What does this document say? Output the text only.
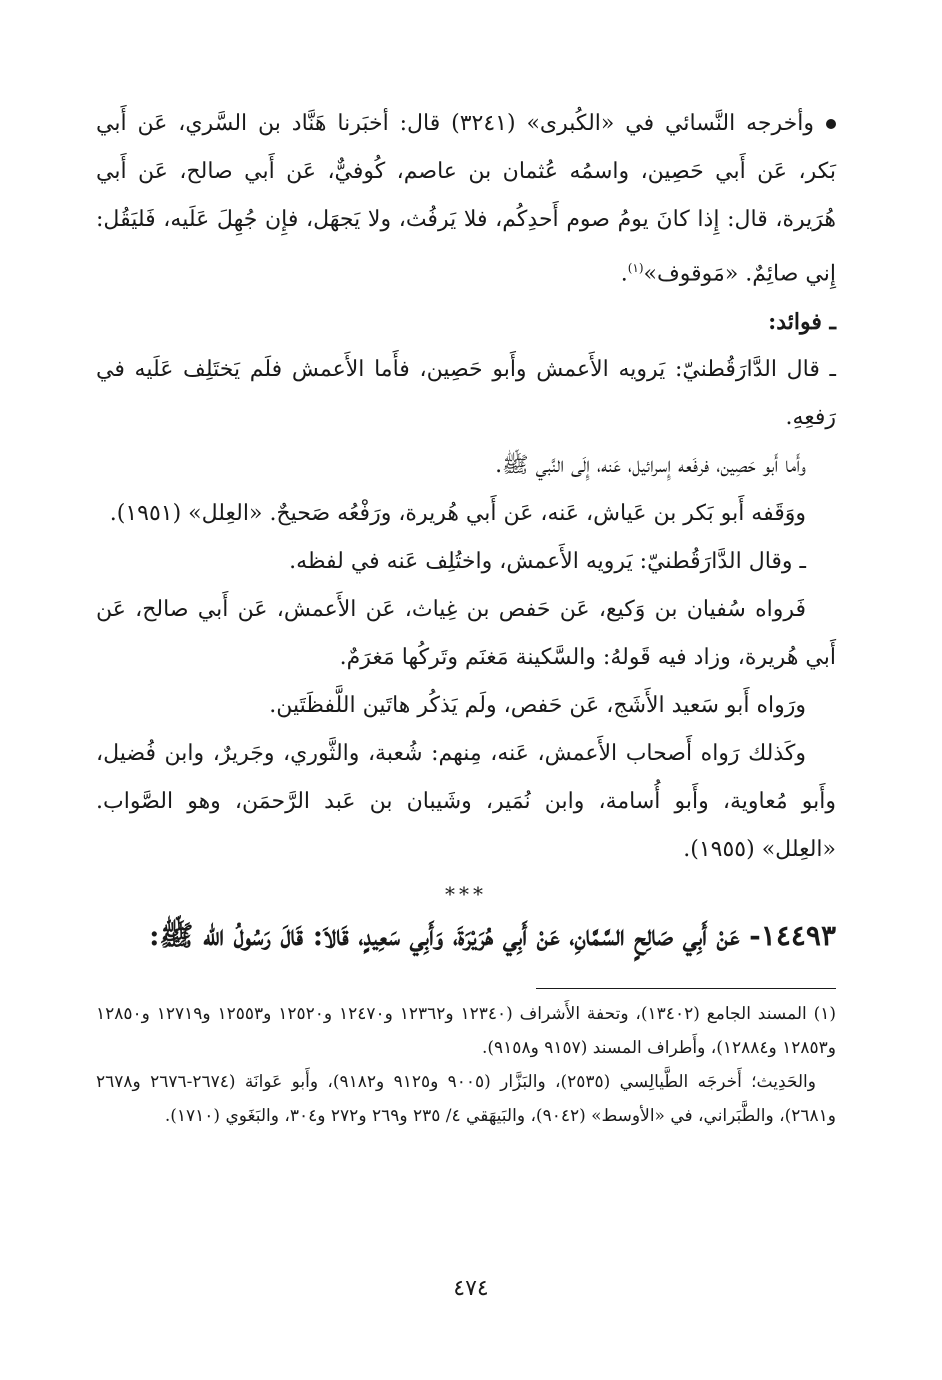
وأخرجه النَّسائي في «الكُبرى» (٣٢٤١) قال: أخبَرنا هَنَّاد بن السَّري، عَن أَبي بَكر، عَن أَبي حَصِين، واسمُه عُثمان بن عاصم، كُوفيٌّ، عَن أَبي صالح، عَن أَبي هُرَيرة، قال: إِذا كانَ يومُ صوم أَحدِكُم، فلا يَرفُث، ولا يَجهَل، فإِن جُهِلَ عَلَيه، فَليَقُل: إِني صائِمٌ. «مَوقوف»$^{(١)}$.

ـ فوائد:

ـ قال الدَّارَقُطنيّ: يَرويه الأَعمش وأَبو حَصِين، فأَما الأَعمش فلَم يَختَلِف عَلَيه في رَفعِهِ.

وأَما أَبو حَصِين، فرفَعه إِسرائيل، عَنه، إِلَى النَّبي ﷺ.

ووَقَفه أَبو بَكر بن عَياش، عَنه، عَن أَبي هُريرة، ورَفْعُه صَحيحٌ. «العِلل» (١٩٥١).

ـ وقال الدَّارَقُطنيّ: يَرويه الأَعمش، واختُلِف عَنه في لفظه.

فَرواه سُفيان بن وَكيع، عَن حَفص بن غِياث، عَن الأَعمش، عَن أَبي صالح، عَن أَبي هُريرة، وزاد فيه قَولهُ: والسَّكينة مَغنَم وتَركُها مَغرَمٌ.

ورَواه أَبو سَعيد الأَشَج، عَن حَفص، ولَم يَذكُر هاتَين اللَّفظَتَين.

وكَذلك رَواه أَصحاب الأَعمش، عَنه، مِنهم: شُعبة، والثَّوري، وجَريرٌ، وابن فُضيل، وأَبو مُعاوية، وأَبو أُسامة، وابن نُمَير، وشَيبان بن عَبد الرَّحمَن، وهو الصَّواب. «العِلل» (١٩٥٥).

***

١٤٤٩٣- عَنْ أَبِي صَالِحٍ السَّمَّانِ، عَنْ أَبِي هُرَيْرَةَ، وَأَبِي سَعِيدٍ، قَالاَ: قَالَ رَسُولُ الله ﷺ:

(١) المسند الجامع (١٣٤٠٢)، وتحفة الأَشراف (١٢٣٤٠ و١٢٣٦٢ و١٢٤٧٠ و١٢٥٢٠ و١٢٥٥٣ و١٢٧١٩ و١٢٨٥٠ و١٢٨٥٣ و١٢٨٨٤)، وأَطراف المسند (٩١٥٧ و٩١٥٨).

والحَدِيث؛ أَخرجَه الطَّيالِسي (٢٥٣٥)، والبَزَّار (٩٠٠٥ و٩١٢٥ و٩١٨٢)، وأَبو عَوانَة (٢٦٧٤-٢٦٧٦ و٢٦٧٨ و٢٦٨١)، والطَّبَراني، في «الأوسط» (٩٠٤٢)، والبَيهَقي ٤/ ٢٣٥ و٢٦٩ و٢٧٢ و٣٠٤، والبَغَوي (١٧١٠).

٤٧٤
